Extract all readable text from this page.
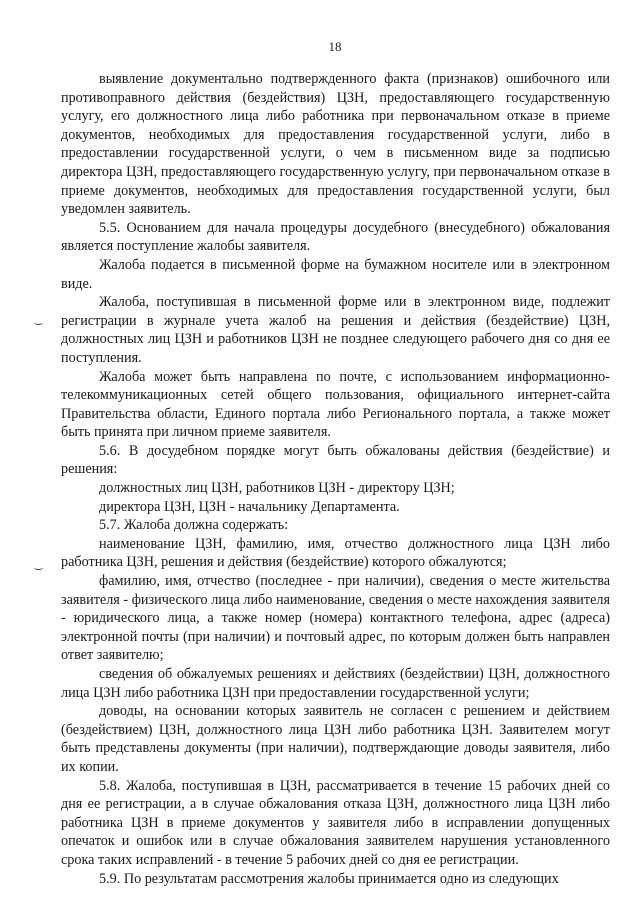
18

выявление документально подтвержденного факта (признаков) ошибочного или противоправного действия (бездействия) ЦЗН, предоставляющего государственную услугу, его должностного лица либо работника при первоначальном отказе в приеме документов, необходимых для предоставления государственной услуги, либо в предоставлении государственной услуги, о чем в письменном виде за подписью директора ЦЗН, предоставляющего государственную услугу, при первоначальном отказе в приеме документов, необходимых для предоставления государственной услуги, был уведомлен заявитель.

5.5. Основанием для начала процедуры досудебного (внесудебного) обжалования является поступление жалобы заявителя.

Жалоба подается в письменной форме на бумажном носителе или в электронном виде.

Жалоба, поступившая в письменной форме или в электронном виде, подлежит регистрации в журнале учета жалоб на решения и действия (бездействие) ЦЗН, должностных лиц ЦЗН и работников ЦЗН не позднее следующего рабочего дня со дня ее поступления.

Жалоба может быть направлена по почте, с использованием информационно-телекоммуникационных сетей общего пользования, официального интернет-сайта Правительства области, Единого портала либо Регионального портала, а также может быть принята при личном приеме заявителя.

5.6. В досудебном порядке могут быть обжалованы действия (бездействие) и решения:

должностных лиц ЦЗН, работников ЦЗН - директору ЦЗН;

директора ЦЗН, ЦЗН - начальнику Департамента.

5.7. Жалоба должна содержать:

наименование ЦЗН, фамилию, имя, отчество должностного лица ЦЗН либо работника ЦЗН, решения и действия (бездействие) которого обжалуются;

фамилию, имя, отчество (последнее - при наличии), сведения о месте жительства заявителя - физического лица либо наименование, сведения о месте нахождения заявителя - юридического лица, а также номер (номера) контактного телефона, адрес (адреса) электронной почты (при наличии) и почтовый адрес, по которым должен быть направлен ответ заявителю;

сведения об обжалуемых решениях и действиях (бездействии) ЦЗН, должностного лица ЦЗН либо работника ЦЗН при предоставлении государственной услуги;

доводы, на основании которых заявитель не согласен с решением и действием (бездействием) ЦЗН, должностного лица ЦЗН либо работника ЦЗН. Заявителем могут быть представлены документы (при наличии), подтверждающие доводы заявителя, либо их копии.

5.8. Жалоба, поступившая в ЦЗН, рассматривается в течение 15 рабочих дней со дня ее регистрации, а в случае обжалования отказа ЦЗН, должностного лица ЦЗН либо работника ЦЗН в приеме документов у заявителя либо в исправлении допущенных опечаток и ошибок или в случае обжалования заявителем нарушения установленного срока таких исправлений - в течение 5 рабочих дней со дня ее регистрации.

5.9. По результатам рассмотрения жалобы принимается одно из следующих
